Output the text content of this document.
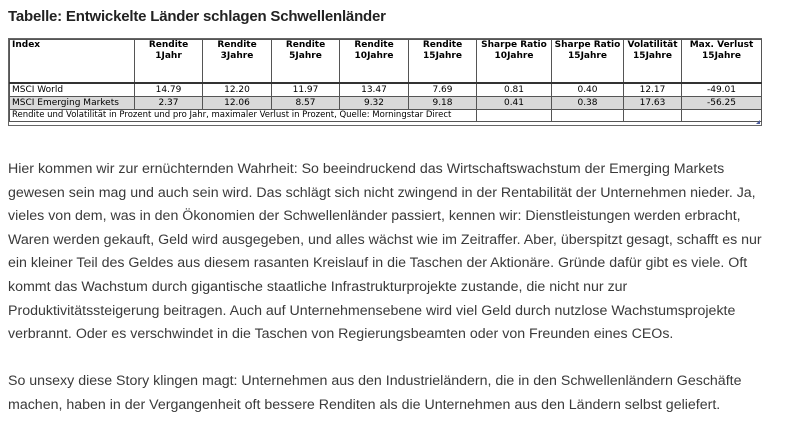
Tabelle: Entwickelte Länder schlagen Schwellenländer
Index	Rendite 1Jahr	Rendite 3Jahre	Rendite 5Jahre	Rendite 10Jahre	Rendite 15Jahre	Sharpe Ratio 10Jahre	Sharpe Ratio 15Jahre	Volatilität 15Jahre	Max. Verlust 15Jahre
MSCI World	14.79	12.20	11.97	13.47	7.69	0.81	0.40	12.17	-49.01
MSCI Emerging Markets	2.37	12.06	8.57	9.32	9.18	0.41	0.38	17.63	-56.25
Rendite und Volatilität in Prozent und pro Jahr, maximaler Verlust in Prozent, Quelle: Morningstar Direct									

Hier kommen wir zur ernüchternden Wahrheit: So beeindruckend das Wirtschaftswachstum der Emerging Markets gewesen sein mag und auch sein wird. Das schlägt sich nicht zwingend in der Rentabilität der Unternehmen nieder. Ja, vieles von dem, was in den Ökonomien der Schwellenländer passiert, kennen wir: Dienstleistungen werden erbracht, Waren werden gekauft, Geld wird ausgegeben, und alles wächst wie im Zeitraffer. Aber, überspitzt gesagt, schafft es nur ein kleiner Teil des Geldes aus diesem rasanten Kreislauf in die Taschen der Aktionäre. Gründe dafür gibt es viele. Oft kommt das Wachstum durch gigantische staatliche Infrastrukturprojekte zustande, die nicht nur zur Produktivitätssteigerung beitragen. Auch auf Unternehmensebene wird viel Geld durch nutzlose Wachstumsprojekte verbrannt. Oder es verschwindet in die Taschen von Regierungsbeamten oder von Freunden eines CEOs.

So unsexy diese Story klingen magt: Unternehmen aus den Industrieländern, die in den Schwellenländern Geschäfte machen, haben in der Vergangenheit oft bessere Renditen als die Unternehmen aus den Ländern selbst geliefert.
